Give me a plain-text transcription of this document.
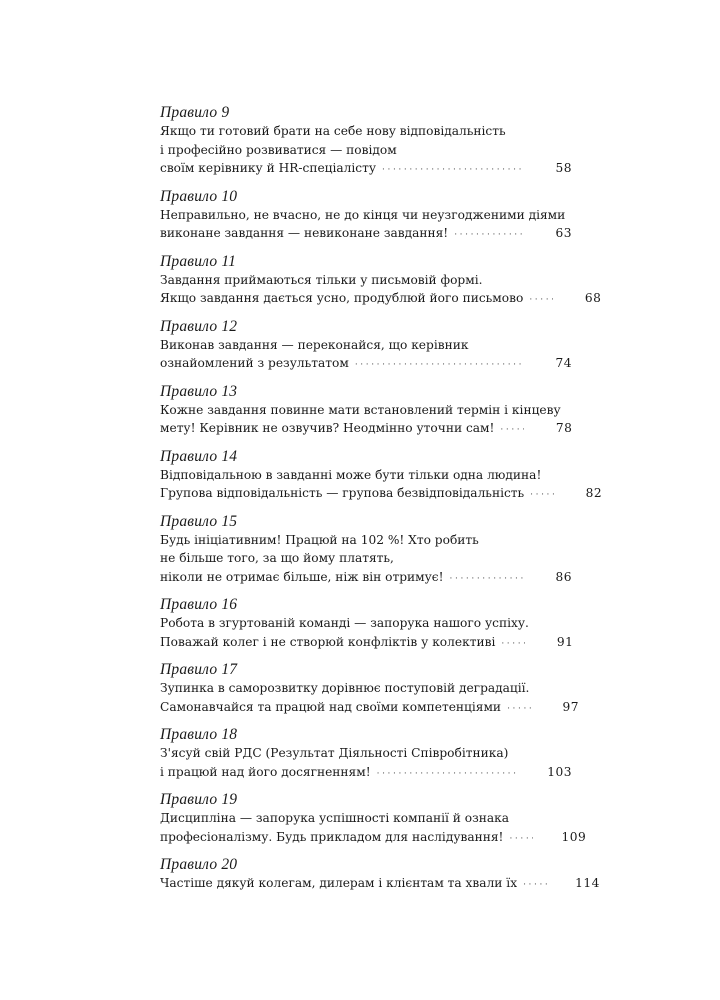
Правило 9
Якщо ти готовий брати на себе нову відповідальність
і професійно розвиватися — повідом
своїм керівнику й HR-спеціалісту ·····	58
Правило 10
Неправильно, не вчасно, не до кінця чи неузгодженими діями
виконане завдання — невиконане завдання! ·····	63
Правило 11
Завдання приймаються тільки у письмовій формі.
Якщо завдання дається усно, продублюй його письмово ·····	68
Правило 12
Виконав завдання — переконайся, що керівник
ознайомлений з результатом ·····	74
Правило 13
Кожне завдання повинне мати встановлений термін і кінцеву
мету! Керівник не озвучив? Неодмінно уточни сам! ·····	78
Правило 14
Відповідальною в завданні може бути тільки одна людина!
Групова відповідальність — групова безвідповідальність ·····	82
Правило 15
Будь ініціативним! Працюй на 102 %! Хто робить
не більше того, за що йому платять,
ніколи не отримає більше, ніж він отримує! ·····	86
Правило 16
Робота в згуртованій команді — запорука нашого успіху.
Поважай колег і не створюй конфліктів у колективі ·····	91
Правило 17
Зупинка в саморозвитку дорівнює поступовій деградації.
Самонавчайся та працюй над своїми компетенціями ·····	97
Правило 18
З'ясуй свій РДС (Результат Діяльності Співробітника)
і працюй над його досягненням! ·····	103
Правило 19
Дисципліна — запорука успішності компанії й ознака
професіоналізму. Будь прикладом для наслідування! ·····	109
Правило 20
Частіше дякуй колегам, дилерам і клієнтам та хвали їх ·····	114
